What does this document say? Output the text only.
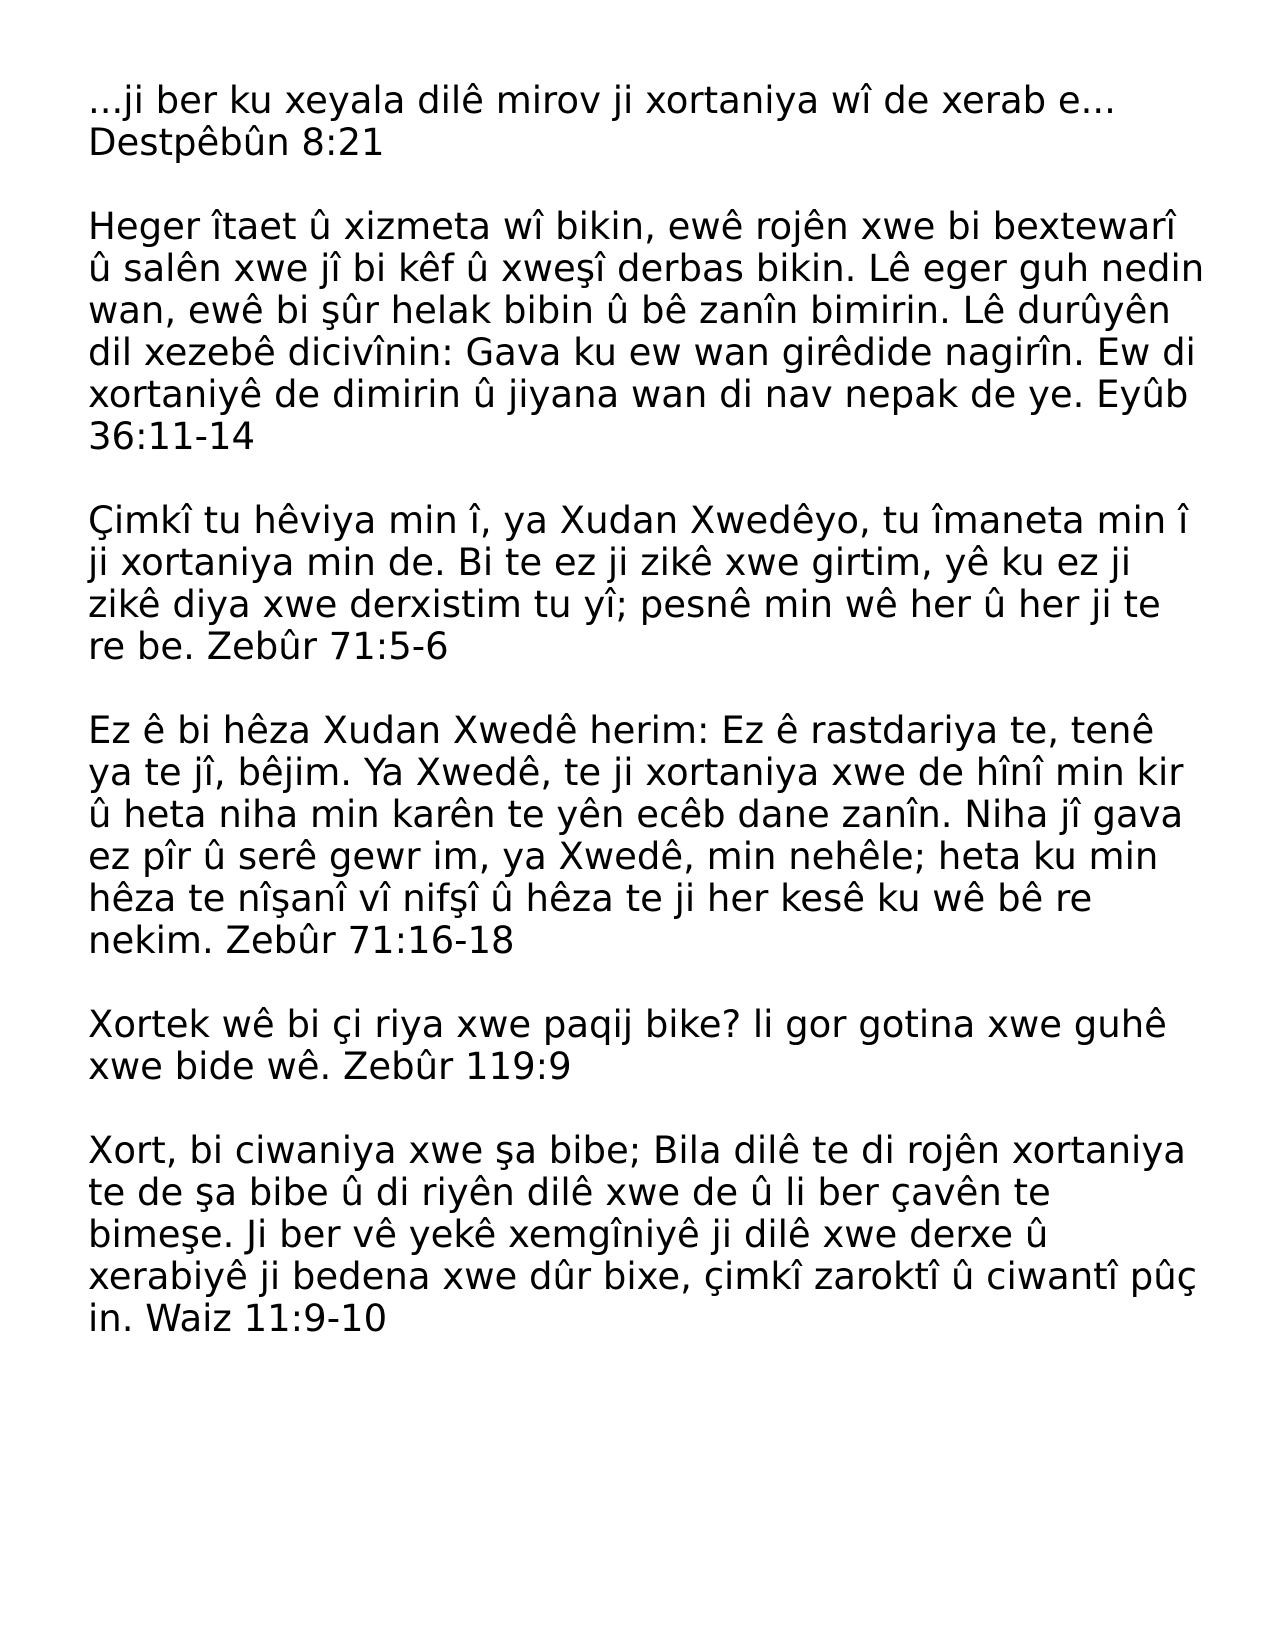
...ji ber ku xeyala dilê mirov ji xortaniya wî de xerab e... Destpêbûn 8:21

Heger îtaet û xizmeta wî bikin, ewê rojên xwe bi bextewarî û salên xwe jî bi kêf û xweşî derbas bikin. Lê eger guh nedin wan, ewê bi şûr helak bibin û bê zanîn bimirin. Lê durûyên dil xezebê dicivînin: Gava ku ew wan girêdide nagirîn. Ew di xortaniyê de dimirin û jiyana wan di nav nepak de ye. Eyûb 36:11-14

Çimkî tu hêviya min î, ya Xudan Xwedêyo, tu îmaneta min î ji xortaniya min de. Bi te ez ji zikê xwe girtim, yê ku ez ji zikê diya xwe derxistim tu yî; pesnê min wê her û her ji te re be. Zebûr 71:5-6

Ez ê bi hêza Xudan Xwedê herim: Ez ê rastdariya te, tenê ya te jî, bêjim. Ya Xwedê, te ji xortaniya xwe de hînî min kir û heta niha min karên te yên ecêb dane zanîn. Niha jî gava ez pîr û serê gewr im, ya Xwedê, min nehêle; heta ku min hêza te nîşanî vî nifşî û hêza te ji her kesê ku wê bê re nekim. Zebûr 71:16-18

Xortek wê bi çi riya xwe paqij bike? li gor gotina xwe guhê xwe bide wê. Zebûr 119:9

Xort, bi ciwaniya xwe şa bibe; Bila dilê te di rojên xortaniya te de şa bibe û di riyên dilê xwe de û li ber çavên te bimeşe. Ji ber vê yekê xemgîniyê ji dilê xwe derxe û xerabiyê ji bedena xwe dûr bixe, çimkî zaroktî û ciwantî pûç in. Waiz 11:9-10
